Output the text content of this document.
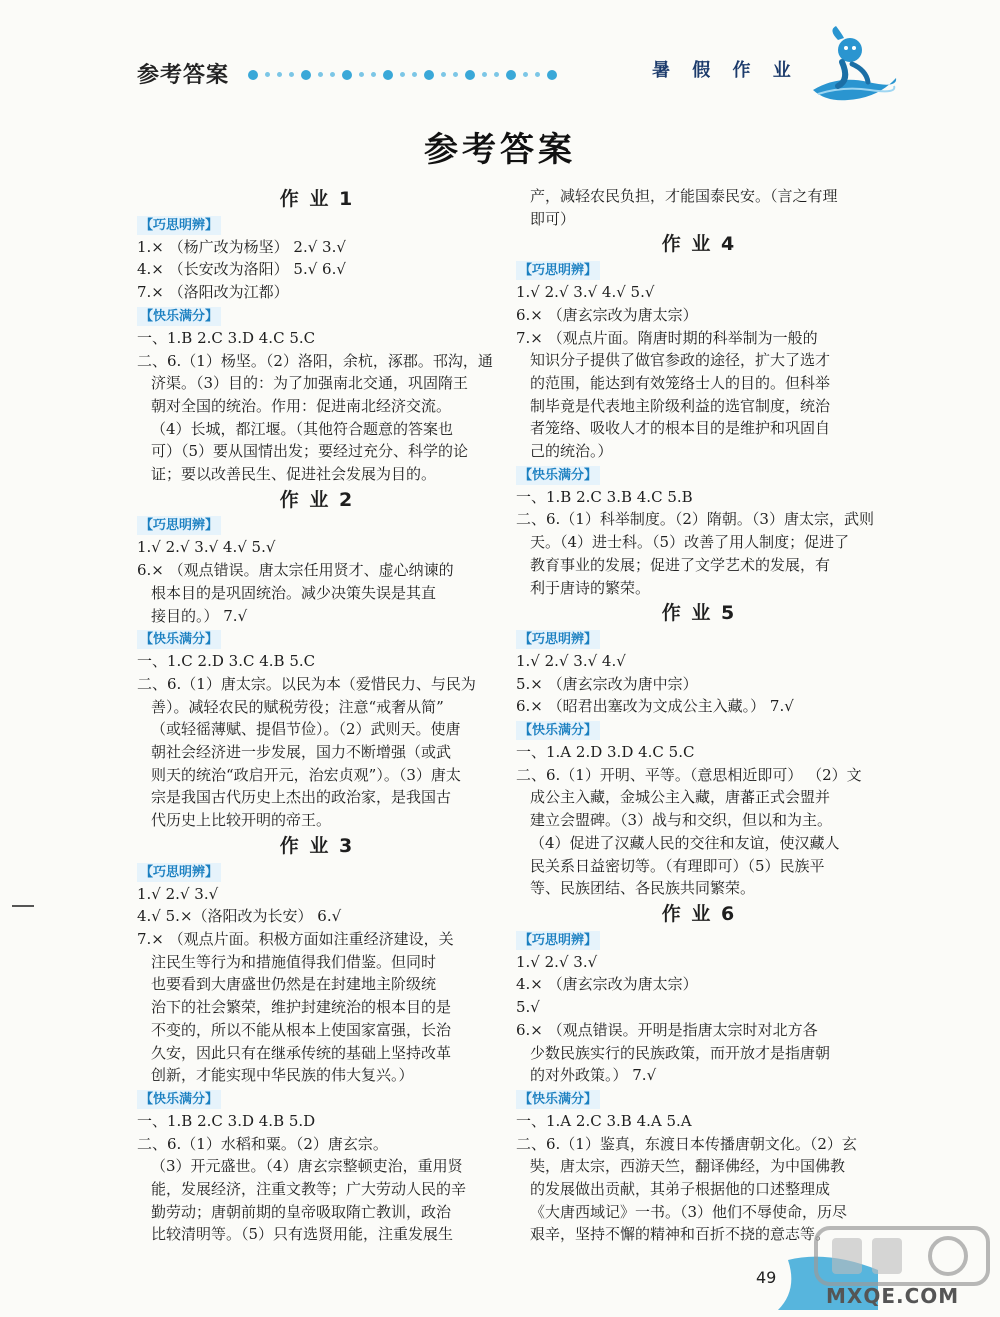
参考答案	暑 假 作 业
参考答案
作 业 1
【巧思明辨】
1.× （杨广改为杨坚） 2.√ 3.√
4.× （长安改为洛阳） 5.√ 6.√
7.× （洛阳改为江都）
【快乐满分】
一、1.B 2.C 3.D 4.C 5.C
二、6.（1）杨坚。（2）洛阳，余杭，涿郡。邗沟，通
济渠。（3）目的：为了加强南北交通，巩固隋王
朝对全国的统治。作用：促进南北经济交流。
（4）长城，都江堰。（其他符合题意的答案也
可）（5）要从国情出发；要经过充分、科学的论
证；要以改善民生、促进社会发展为目的。
作 业 2
【巧思明辨】
1.√ 2.√ 3.√ 4.√ 5.√
6.× （观点错误。唐太宗任用贤才、虚心纳谏的
根本目的是巩固统治。减少决策失误是其直
接目的。） 7.√
【快乐满分】
一、1.C 2.D 3.C 4.B 5.C
二、6.（1）唐太宗。以民为本（爱惜民力、与民为
善）。减轻农民的赋税劳役；注意“戒奢从简”
（或轻徭薄赋、提倡节俭）。（2）武则天。使唐
朝社会经济进一步发展，国力不断增强（或武
则天的统治“政启开元，治宏贞观”）。（3）唐太
宗是我国古代历史上杰出的政治家，是我国古
代历史上比较开明的帝王。
作 业 3
【巧思明辨】
1.√ 2.√ 3.√
4.√ 5.×（洛阳改为长安） 6.√
7.× （观点片面。积极方面如注重经济建设，关
注民生等行为和措施值得我们借鉴。但同时
也要看到大唐盛世仍然是在封建地主阶级统
治下的社会繁荣，维护封建统治的根本目的是
不变的，所以不能从根本上使国家富强，长治
久安，因此只有在继承传统的基础上坚持改革
创新，才能实现中华民族的伟大复兴。）
【快乐满分】
一、1.B 2.C 3.D 4.B 5.D
二、6.（1）水稻和粟。（2）唐玄宗。
（3）开元盛世。（4）唐玄宗整顿吏治，重用贤
能，发展经济，注重文教等；广大劳动人民的辛
勤劳动；唐朝前期的皇帝吸取隋亡教训，政治
比较清明等。（5）只有选贤用能，注重发展生
产，减轻农民负担，才能国泰民安。（言之有理
即可）
作 业 4
【巧思明辨】
1.√ 2.√ 3.√ 4.√ 5.√
6.× （唐玄宗改为唐太宗）
7.× （观点片面。隋唐时期的科举制为一般的
知识分子提供了做官参政的途径，扩大了选才
的范围，能达到有效笼络士人的目的。但科举
制毕竟是代表地主阶级利益的选官制度，统治
者笼络、吸收人才的根本目的是维护和巩固自
己的统治。）
【快乐满分】
一、1.B 2.C 3.B 4.C 5.B
二、6.（1）科举制度。（2）隋朝。（3）唐太宗，武则
天。（4）进士科。（5）改善了用人制度；促进了
教育事业的发展；促进了文学艺术的发展，有
利于唐诗的繁荣。
作 业 5
【巧思明辨】
1.√ 2.√ 3.√ 4.√
5.× （唐玄宗改为唐中宗）
6.× （昭君出塞改为文成公主入藏。） 7.√
【快乐满分】
一、1.A 2.D 3.D 4.C 5.C
二、6.（1）开明、平等。（意思相近即可） （2）文
成公主入藏，金城公主入藏，唐蕃正式会盟并
建立会盟碑。（3）战与和交织，但以和为主。
（4）促进了汉藏人民的交往和友谊，使汉藏人
民关系日益密切等。（有理即可）（5）民族平
等、民族团结、各民族共同繁荣。
作 业 6
【巧思明辨】
1.√ 2.√ 3.√
4.× （唐玄宗改为唐太宗）
5.√
6.× （观点错误。开明是指唐太宗时对北方各
少数民族实行的民族政策，而开放才是指唐朝
的对外政策。） 7.√
【快乐满分】
一、1.A 2.C 3.B 4.A 5.A
二、6.（1）鉴真，东渡日本传播唐朝文化。（2）玄
奘，唐太宗，西游天竺，翻译佛经，为中国佛教
的发展做出贡献，其弟子根据他的口述整理成
《大唐西域记》一书。（3）他们不辱使命，历尽
艰辛，坚持不懈的精神和百折不挠的意志等。
49
MXQE.COM
